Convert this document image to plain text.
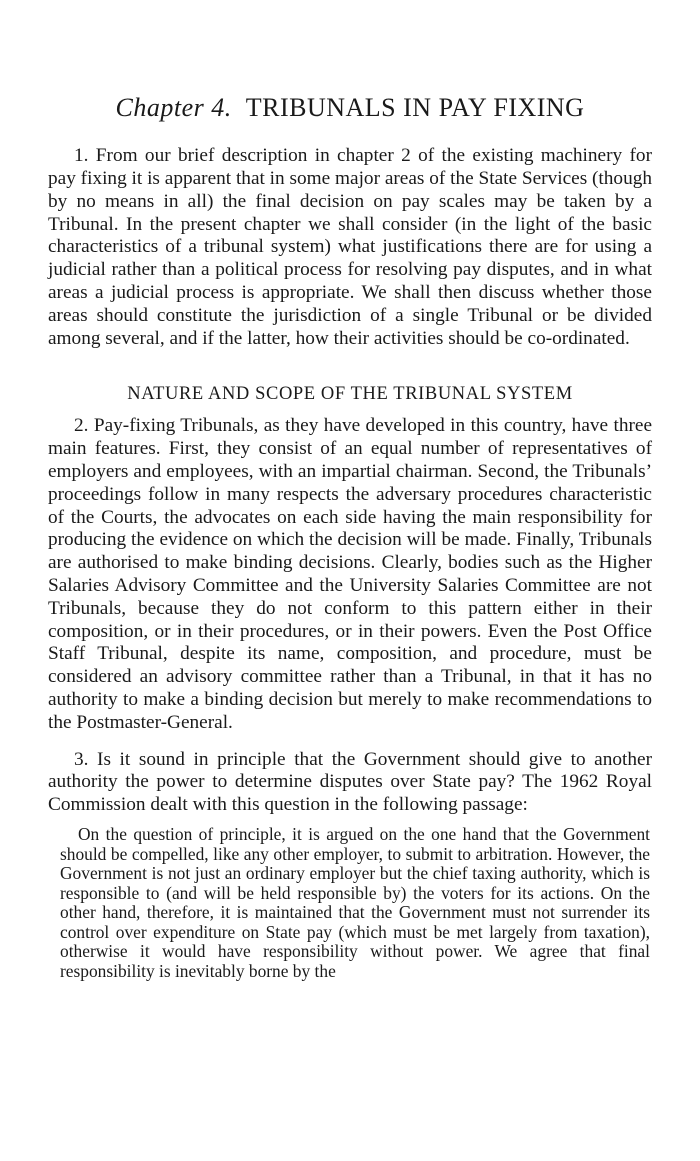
Chapter 4. TRIBUNALS IN PAY FIXING

1. From our brief description in chapter 2 of the existing machinery for pay fixing it is apparent that in some major areas of the State Services (though by no means in all) the final decision on pay scales may be taken by a Tribunal. In the present chapter we shall consider (in the light of the basic characteristics of a tribunal system) what justifications there are for using a judicial rather than a political process for resolving pay disputes, and in what areas a judicial process is appropriate. We shall then discuss whether those areas should constitute the jurisdiction of a single Tribunal or be divided among several, and if the latter, how their activities should be co-ordinated.

NATURE AND SCOPE OF THE TRIBUNAL SYSTEM

2. Pay-fixing Tribunals, as they have developed in this country, have three main features. First, they consist of an equal number of representatives of employers and employees, with an impartial chairman. Second, the Tribunals’ proceedings follow in many respects the adversary procedures characteristic of the Courts, the advocates on each side having the main responsibility for producing the evidence on which the decision will be made. Finally, Tribunals are authorised to make binding decisions. Clearly, bodies such as the Higher Salaries Advisory Committee and the University Salaries Committee are not Tribunals, because they do not conform to this pattern either in their composition, or in their procedures, or in their powers. Even the Post Office Staff Tribunal, despite its name, composition, and procedure, must be considered an advisory committee rather than a Tribunal, in that it has no authority to make a binding decision but merely to make recommendations to the Postmaster-General.

3. Is it sound in principle that the Government should give to another authority the power to determine disputes over State pay? The 1962 Royal Commission dealt with this question in the following passage:

On the question of principle, it is argued on the one hand that the Government should be compelled, like any other employer, to submit to arbitration. However, the Government is not just an ordinary employer but the chief taxing authority, which is responsible to (and will be held responsible by) the voters for its actions. On the other hand, therefore, it is maintained that the Government must not surrender its control over expenditure on State pay (which must be met largely from taxation), otherwise it would have responsibility without power. We agree that final responsibility is inevitably borne by the
